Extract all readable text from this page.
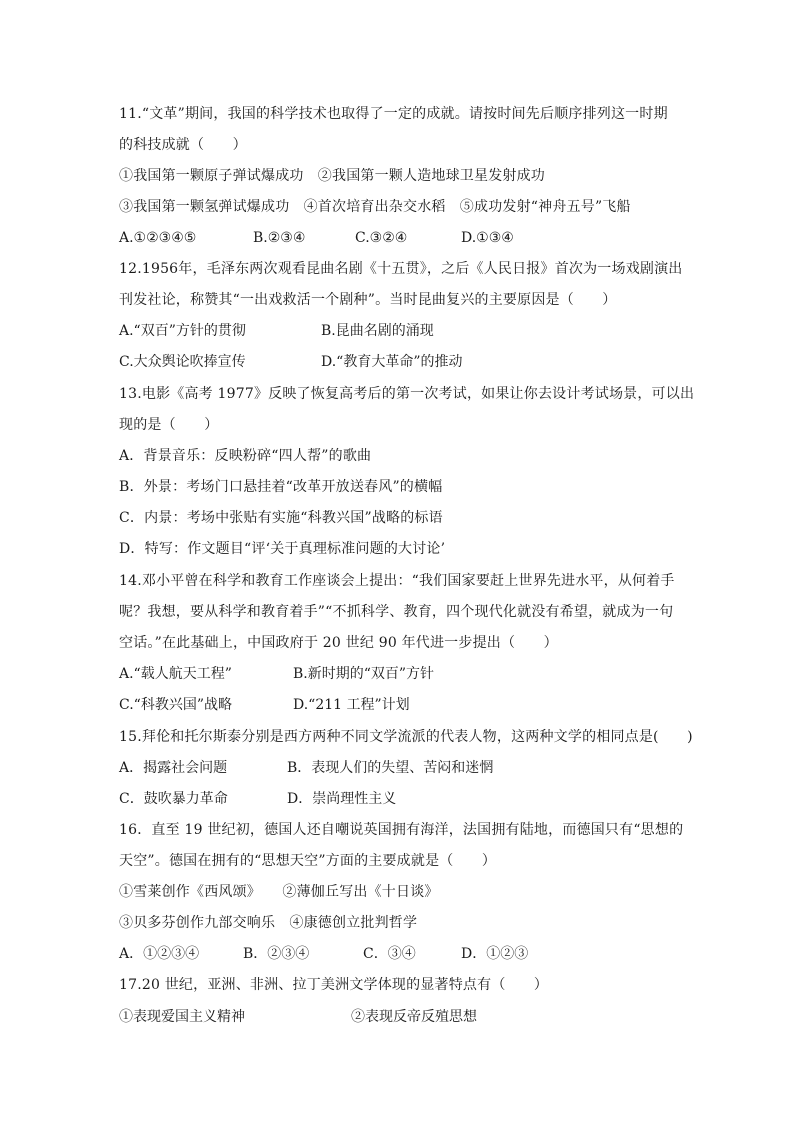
11.“文革”期间，我国的科学技术也取得了一定的成就。请按时间先后顺序排列这一时期
的科技成就（　　）
①我国第一颗原子弹试爆成功　②我国第一颗人造地球卫星发射成功
③我国第一颗氢弹试爆成功　④首次培育出杂交水稻　⑤成功发射“神舟五号”飞船
A.①②③④⑤	B.②③④	C.③②④	D.①③④
12.1956年，毛泽东两次观看昆曲名剧《十五贯》，之后《人民日报》首次为一场戏剧演出
刊发社论，称赞其“一出戏救活一个剧种”。当时昆曲复兴的主要原因是（　　）
A.“双百”方针的贯彻	B.昆曲名剧的涌现
C.大众舆论吹捧宣传	D.“教育大革命”的推动
13.电影《高考 1977》反映了恢复高考后的第一次考试，如果让你去设计考试场景，可以出
现的是（　　）
A．背景音乐：反映粉碎“四人帮”的歌曲
B．外景：考场门口悬挂着“改革开放送春风”的横幅
C．内景：考场中张贴有实施“科教兴国”战略的标语
D．特写：作文题目“评‘关于真理标准问题的大讨论’
14.邓小平曾在科学和教育工作座谈会上提出：“我们国家要赶上世界先进水平，从何着手
呢？我想，要从科学和教育着手”“不抓科学、教育，四个现代化就没有希望，就成为一句
空话。”在此基础上，中国政府于 20 世纪 90 年代进一步提出（　　）
A.“载人航天工程”	B.新时期的“双百”方针
C.“科教兴国”战略	D.“211 工程”计划
15.拜伦和托尔斯泰分别是西方两种不同文学流派的代表人物，这两种文学的相同点是(　　)
A．揭露社会问题	B．表现人们的失望、苦闷和迷惘
C．鼓吹暴力革命	D．崇尚理性主义
16．直至 19 世纪初，德国人还自嘲说英国拥有海洋，法国拥有陆地，而德国只有“思想的
天空”。德国在拥有的“思想天空”方面的主要成就是（　　）
①雪莱创作《西风颂》　　②薄伽丘写出《十日谈》
③贝多芬创作九部交响乐　④康德创立批判哲学
A．①②③④	B．②③④	C．③④	D．①②③
17.20 世纪，亚洲、非洲、拉丁美洲文学体现的显著特点有（　　）
①表现爱国主义精神	②表现反帝反殖思想
